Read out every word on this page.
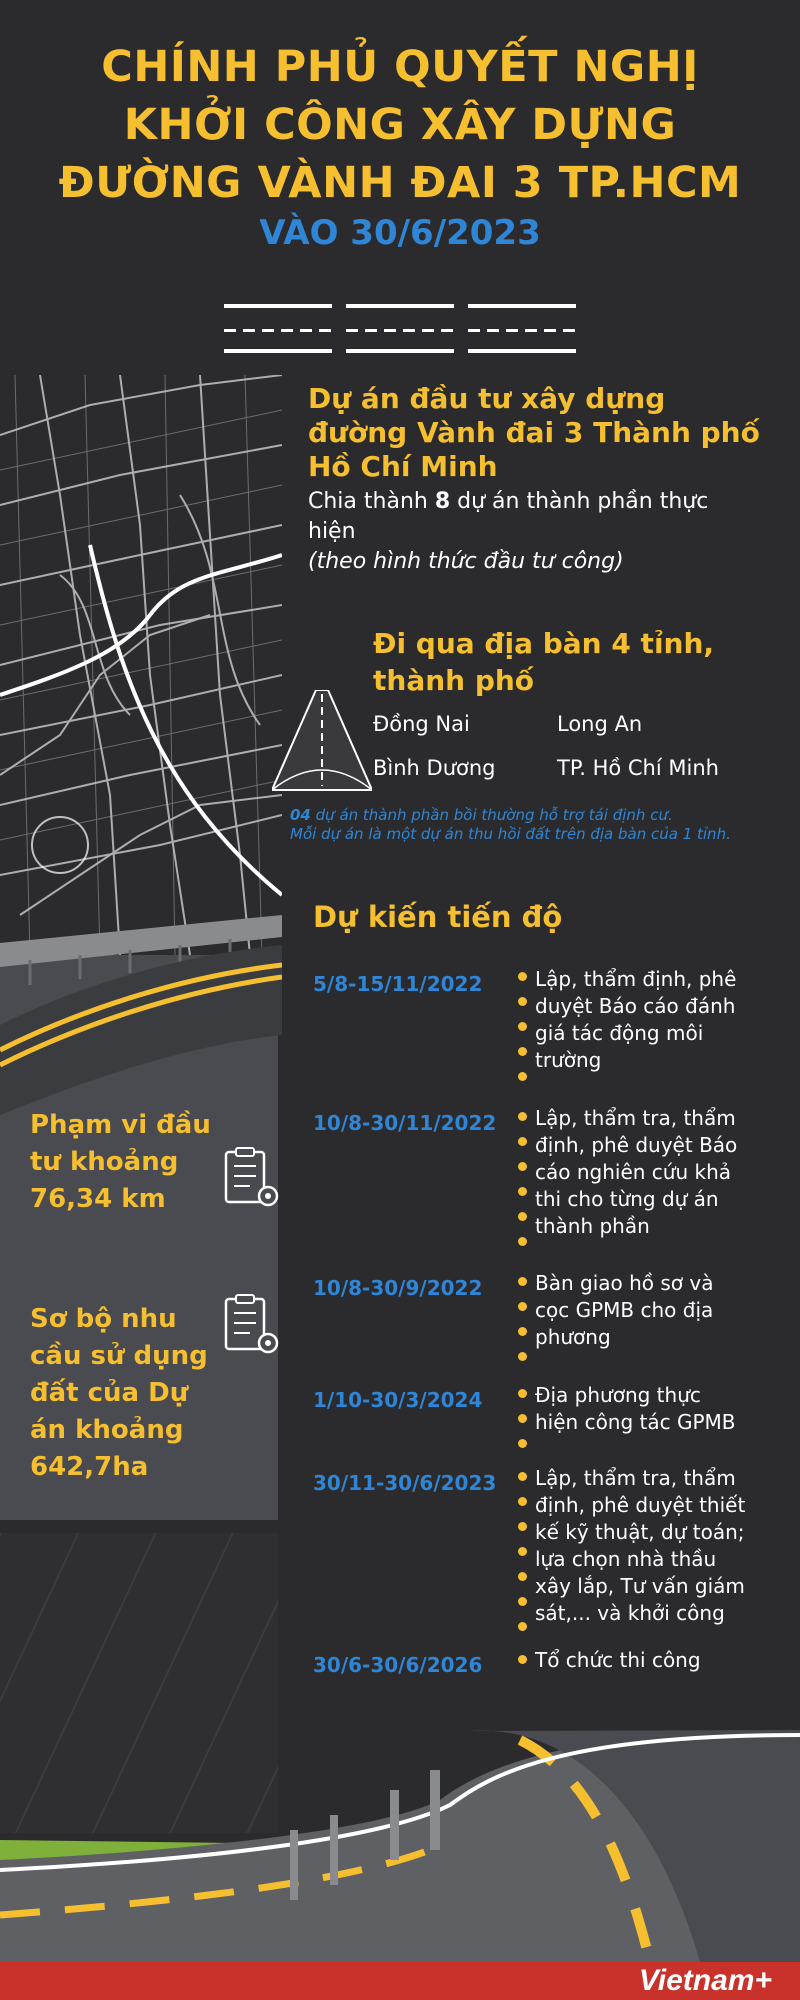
CHÍNH PHỦ QUYẾT NGHỊ
KHỞI CÔNG XÂY DỰNG
ĐƯỜNG VÀNH ĐAI 3 TP.HCM
VÀO 30/6/2023
Dự án đầu tư xây dựng đường Vành đai 3 Thành phố Hồ Chí Minh
Chia thành 8 dự án thành phần thực hiện
(theo hình thức đầu tư công)
Đi qua địa bàn 4 tỉnh, thành phố
Đồng Nai	Long An
Bình Dương	TP. Hồ Chí Minh
04 dự án thành phần bồi thường hỗ trợ tái định cư.
Mỗi dự án là một dự án thu hồi đất trên địa bàn của 1 tỉnh.
Phạm vi đầu
tư khoảng
76,34 km
Sơ bộ nhu
cầu sử dụng
đất của Dự
án khoảng
642,7ha
Dự kiến tiến độ
5/8-15/11/2022	Lập, thẩm định, phê
duyệt Báo cáo đánh
giá tác động môi
trường
10/8-30/11/2022	Lập, thẩm tra, thẩm
định, phê duyệt Báo
cáo nghiên cứu khả
thi cho từng dự án
thành phần
10/8-30/9/2022	Bàn giao hồ sơ và
cọc GPMB cho địa
phương
1/10-30/3/2024	Địa phương thực
hiện công tác GPMB
30/11-30/6/2023	Lập, thẩm tra, thẩm
định, phê duyệt thiết
kế kỹ thuật, dự toán;
lựa chọn nhà thầu
xây lắp, Tư vấn giám
sát,... và khởi công
30/6-30/6/2026	Tổ chức thi công
Vietnam+
